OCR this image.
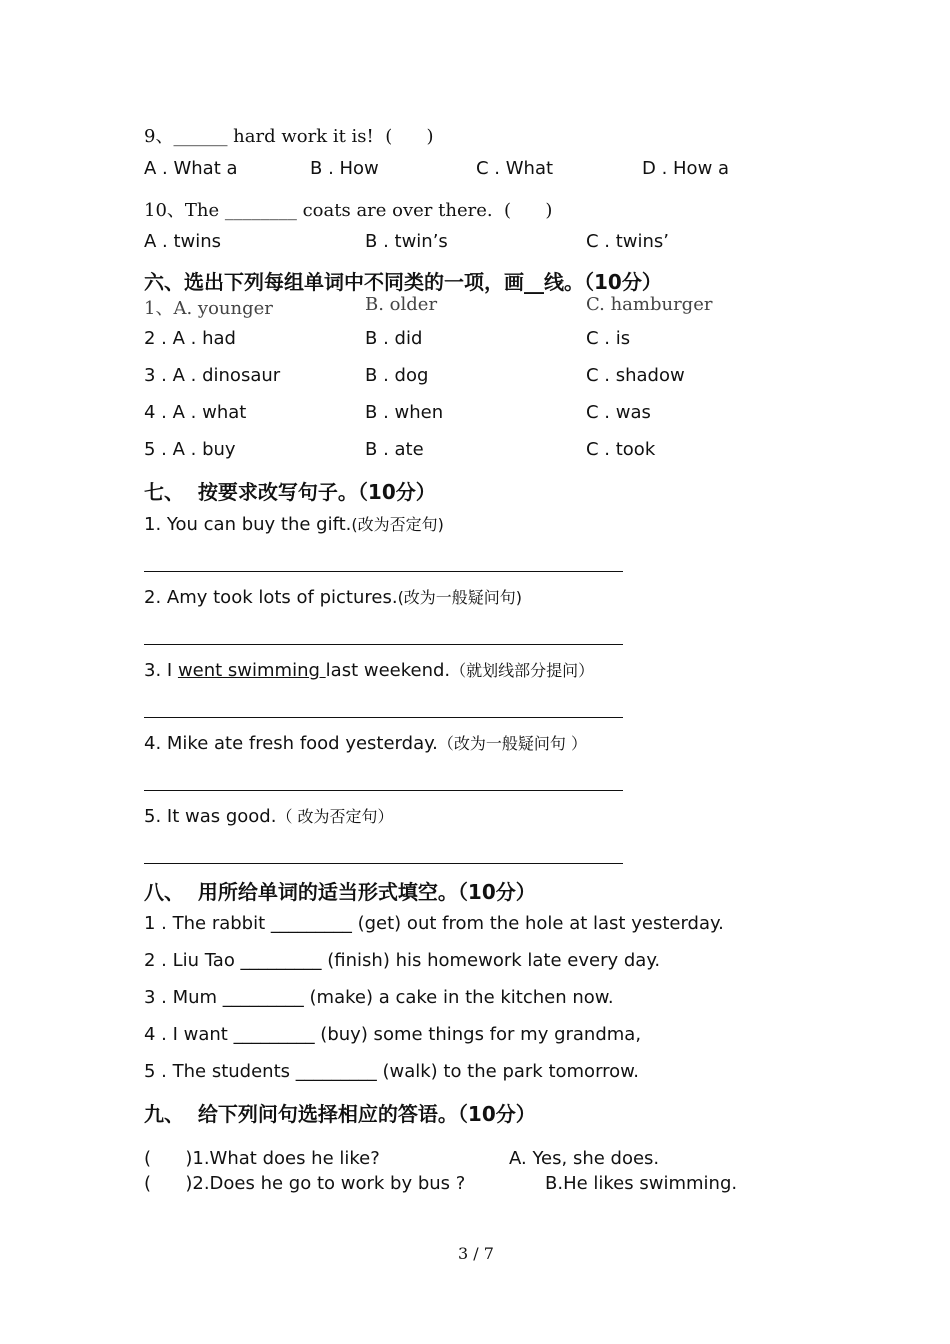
9、______ hard work it is!  (      )
A . What a	B . How	C . What	D . How a
10、The ________ coats are over there.  (      )
A . twins	B . twin’s	C . twins’
六、选出下列每组单词中不同类的一项，画__线。（10分）
1、A. younger	B. older	C. hamburger
2 . A . had	B . did	C . is
3 . A . dinosaur	B . dog	C . shadow
4 . A . what	B . when	C . was
5 . A . buy	B . ate	C . took
七、  按要求改写句子。（10分）
1. You can buy the gift.(改为否定句)
2. Amy took lots of pictures.(改为一般疑问句)
3. I went swimming last weekend.（就划线部分提问）
4. Mike ate fresh food yesterday.（改为一般疑问句 ）
5. It was good.（ 改为否定句）
八、  用所给单词的适当形式填空。（10分）
1 . The rabbit _________ (get) out from the hole at last yesterday.
2 . Liu Tao _________ (finish) his homework late every day.
3 . Mum _________ (make) a cake in the kitchen now.
4 . I want _________ (buy) some things for my grandma,
5 . The students _________ (walk) to the park tomorrow.
九、  给下列问句选择相应的答语。（10分）
(      )1.What does he like?	A. Yes, she does.
(      )2.Does he go to work by bus ?	B.He likes swimming.
3 / 7
